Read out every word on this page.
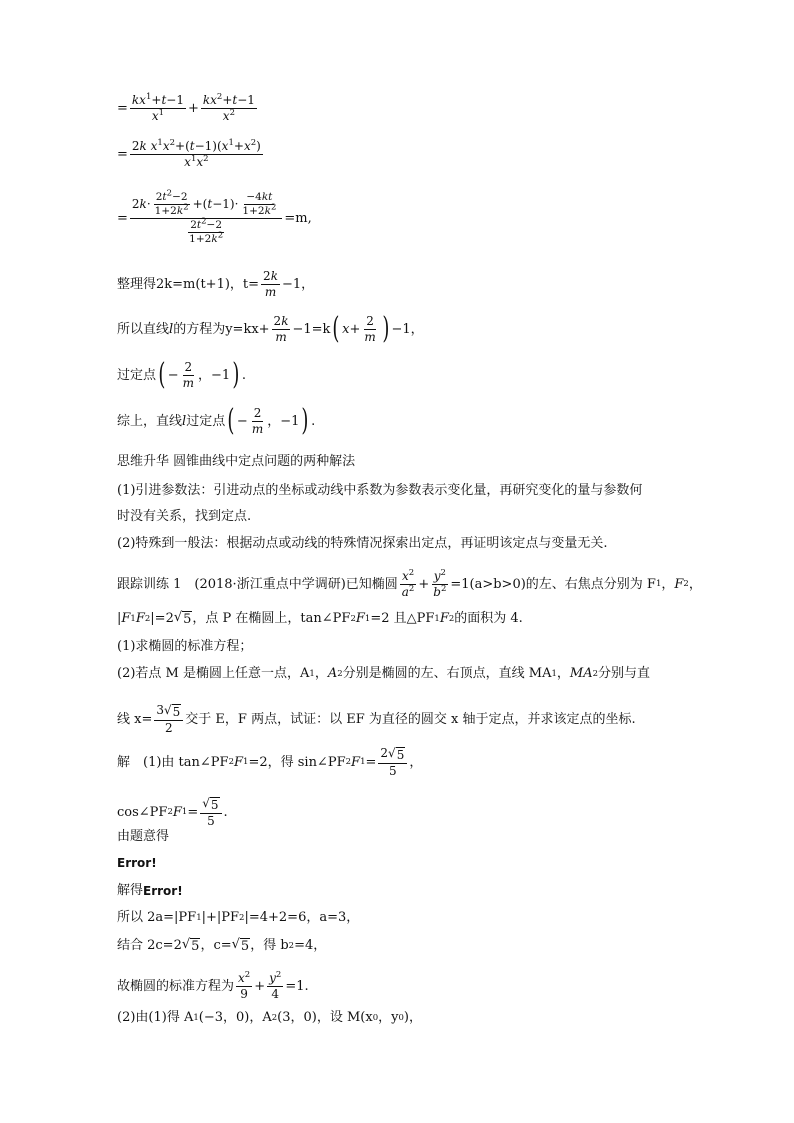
= $\frac{kx^1+t-1}{x^1} + \frac{kx^2+t-1}{x^2}$
= $\frac{2k x^1x^2+(t-1)(x^1+x^2)}{x^1x^2}$
= $\frac{2 k \cdot \frac{2t^2-2}{1+2k^2} +( t -1)\cdot \frac{-4kt}{1+2k^2}}{\frac{2t^2-2}{1+2k^2}} =m$,
整理得 2k=m(t+1)，$t= \frac{2k}{m} -1$，
所以直线 l 的方程为 $y=kx+ \frac{2k}{m} -1=k$ ( $x + \frac{2}{m}$ ) −1，
过定点 ( − $\frac{2}{m}$ ，−1 ) .
综上，直线 l 过定点 ( − $\frac{2}{m}$ ，−1 ) .
思维升华 圆锥曲线中定点问题的两种解法
(1)引进参数法：引进动点的坐标或动线中系数为参数表示变化量，再研究变化的量与参数何
时没有关系，找到定点.
(2)特殊到一般法：根据动点或动线的特殊情况探索出定点，再证明该定点与变量无关.
跟踪训练 1　(2018·浙江重点中学调研)已知椭圆 $\frac{x^2}{a^2} + \frac{y^2}{b^2} =1(a>b>0)$的左、右焦点分别为 F 1 ， F 2 ，
| F 1 F 2 |=2 √ 5 ，点 P 在椭圆上，tan∠PF 2 F 1 =2 且△PF 1 F 2 的面积为 4.
(1)求椭圆的标准方程；
(2)若点 M 是椭圆上任意一点，A 1 ， A 2 分别是椭圆的左、右顶点，直线 MA 1 ， MA 2 分别与直
线 $x= \frac{3√ 5}{2}$ 交于 E，F 两点，试证：以 EF 为直径的圆交 x 轴于定点，并求该定点的坐标.
解　(1)由 tan∠PF 2 F 1 =2，得 sin∠PF 2 F $1 = \frac{2√ 5}{5}$ ，
cos∠PF 2 F $1 = \frac{√ 5}{5}$ .
由题意得
Error!
解得 Error!
所以 2a=|PF 1 |+|PF 2 |=4+2=6，a=3，
结合 2c=2 √ 5 ，c= √ 5 ，得 b 2 =4，
故椭圆的标准方程为 $\frac{x^2}{9} + \frac{y^2}{4} =1$.
(2)由(1)得 A 1 (−3，0)，A 2 (3，0)，设 M(x 0 ，y 0 )，
